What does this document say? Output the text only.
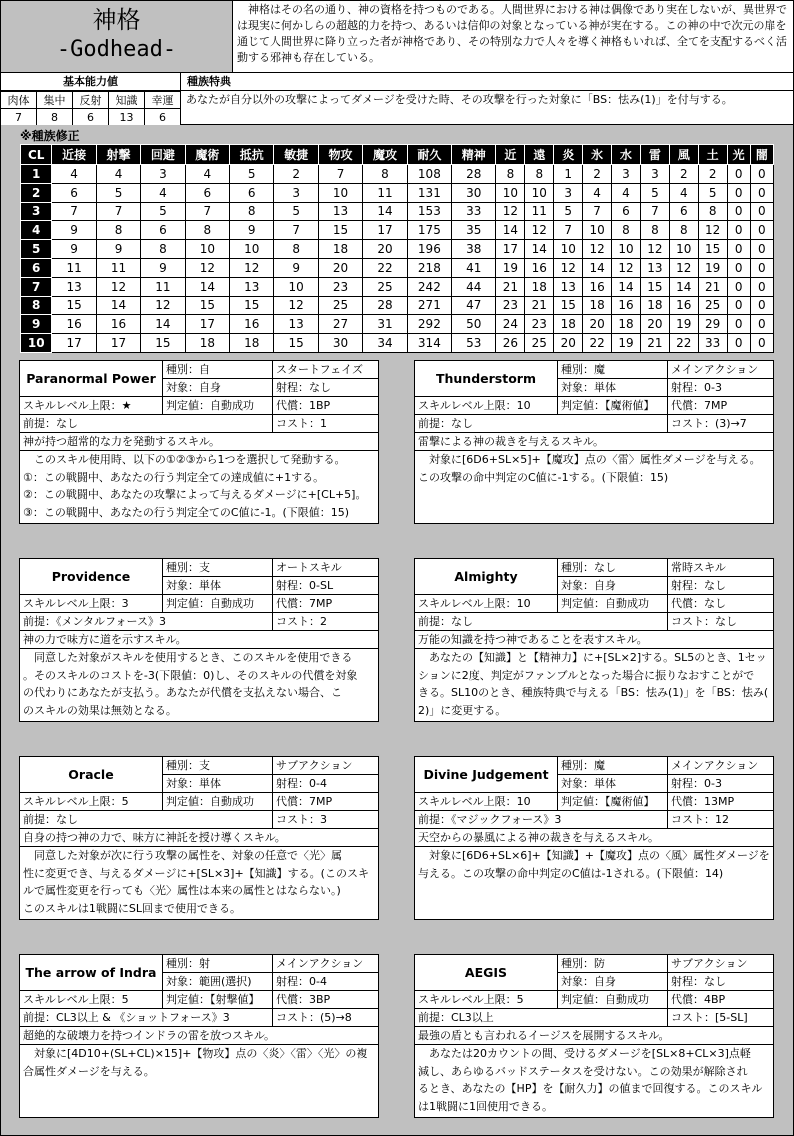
神格
-Godhead-
　神格はその名の通り、神の資格を持つものである。人間世界における神は偶像であり実在しないが、異世界では現実に何かしらの超越的力を持つ、あるいは信仰の対象となっている神が実在する。この神の中で次元の扉を通じて人間世界に降り立った者が神格であり、その特別な力で人々を導く神格もいれば、全てを支配するべく活動する邪神も存在している。
基本能力値	種族特典
肉体	集中	反射	知識	幸運
7	8	6	13	6
あなたが自分以外の攻撃によってダメージを受けた時、その攻撃を行った対象に「BS：怯み(1)」を付与する。
※種族修正
CL	近接	射撃	回避	魔術	抵抗	敏捷	物攻	魔攻	耐久	精神	近	遠	炎	氷	水	雷	風	土	光	闇
1	4	4	3	4	5	2	7	8	108	28	8	8	1	2	3	3	2	2	0	0
2	6	5	4	6	6	3	10	11	131	30	10	10	3	4	4	5	4	5	0	0
3	7	7	5	7	8	5	13	14	153	33	12	11	5	7	6	7	6	8	0	0
4	9	8	6	8	9	7	15	17	175	35	14	12	7	10	8	8	8	12	0	0
5	9	9	8	10	10	8	18	20	196	38	17	14	10	12	10	12	10	15	0	0
6	11	11	9	12	12	9	20	22	218	41	19	16	12	14	12	13	12	19	0	0
7	13	12	11	14	13	10	23	25	242	44	21	18	13	16	14	15	14	21	0	0
8	15	14	12	15	15	12	25	28	271	47	23	21	15	18	16	18	16	25	0	0
9	16	16	14	17	16	13	27	31	292	50	24	23	18	20	18	20	19	29	0	0
10	17	17	15	18	18	15	30	34	314	53	26	25	20	22	19	21	22	33	0	0
Paranormal Power
種別：自	スタートフェイズ
対象：自身	射程：なし
スキルレベル上限：★	判定値：自動成功	代償：1BP
前提：なし	コスト：1
神が持つ超常的な力を発動するスキル。
　このスキル使用時、以下の①②③から1つを選択して発動する。
①：この戦闘中、あなたの行う判定全ての達成値に+1する。
②：この戦闘中、あなたの攻撃によって与えるダメージに+[CL+5]。
③：この戦闘中、あなたの行う判定全てのC値に-1。(下限値：15)
Thunderstorm
種別：魔	メインアクション
対象：単体	射程：0-3
スキルレベル上限：10	判定値：【魔術値】	代償：7MP
前提：なし	コスト：(3)→7
雷撃による神の裁きを与えるスキル。
　対象に[6D6+SL×5]+【魔攻】点の〈雷〉属性ダメージを与える。
この攻撃の命中判定のC値に-1する。(下限値：15)
Providence
種別：支	オートスキル
対象：単体	射程：0-SL
スキルレベル上限：3	判定値：自動成功	代償：7MP
前提：《メンタルフォース》3	コスト：2
神の力で味方に道を示すスキル。
　同意した対象がスキルを使用するとき、このスキルを使用できる
。そのスキルのコストを-3(下限値：0)し、そのスキルの代償を対象
の代わりにあなたが支払う。あなたが代償を支払えない場合、こ
のスキルの効果は無効となる。
Almighty
種別：なし	常時スキル
対象：自身	射程：なし
スキルレベル上限：10	判定値：自動成功	代償：なし
前提：なし	コスト：なし
万能の知識を持つ神であることを表すスキル。
　あなたの【知識】と【精神力】に+[SL×2]する。SL5のとき、1セッ
ションに2度、判定がファンブルとなった場合に振りなおすことがで
きる。SL10のとき、種族特典で与える「BS：怯み(1)」を「BS：怯み(
2)」に変更する。
Oracle
種別：支	サブアクション
対象：単体	射程：0-4
スキルレベル上限：5	判定値：自動成功	代償：7MP
前提：なし	コスト：3
自身の持つ神の力で、味方に神託を授け導くスキル。
　同意した対象が次に行う攻撃の属性を、対象の任意で〈光〉属
性に変更でき、与えるダメージに+[SL×3]+【知識】する。(このスキ
ルで属性変更を行っても〈光〉属性は本来の属性とはならない。)
このスキルは1戦闘にSL回まで使用できる。
Divine Judgement
種別：魔	メインアクション
対象：単体	射程：0-3
スキルレベル上限：10	判定値：【魔術値】	代償：13MP
前提：《マジックフォース》3	コスト：12
天空からの暴風による神の裁きを与えるスキル。
　対象に[6D6+SL×6]+【知識】+【魔攻】点の〈風〉属性ダメージを
与える。この攻撃の命中判定のC値は-1される。(下限値：14)
The arrow of Indra
種別：射	メインアクション
対象：範囲(選択)	射程：0-4
スキルレベル上限：5	判定値：【射撃値】	代償：3BP
前提：CL3以上 & 《ショットフォース》3	コスト：(5)→8
超絶的な破壊力を持つインドラの雷を放つスキル。
　対象に[4D10+(SL+CL)×15]+【物攻】点の〈炎〉〈雷〉〈光〉の複
合属性ダメージを与える。
AEGIS
種別：防	サブアクション
対象：自身	射程：なし
スキルレベル上限：5	判定値：自動成功	代償：4BP
前提：CL3以上	コスト：[5-SL]
最強の盾とも言われるイージスを展開するスキル。
　あなたは20カウントの間、受けるダメージを[SL×8+CL×3]点軽
減し、あらゆるバッドステータスを受けない。この効果が解除され
るとき、あなたの【HP】を【耐久力】の値まで回復する。このスキル
は1戦闘に1回使用できる。
